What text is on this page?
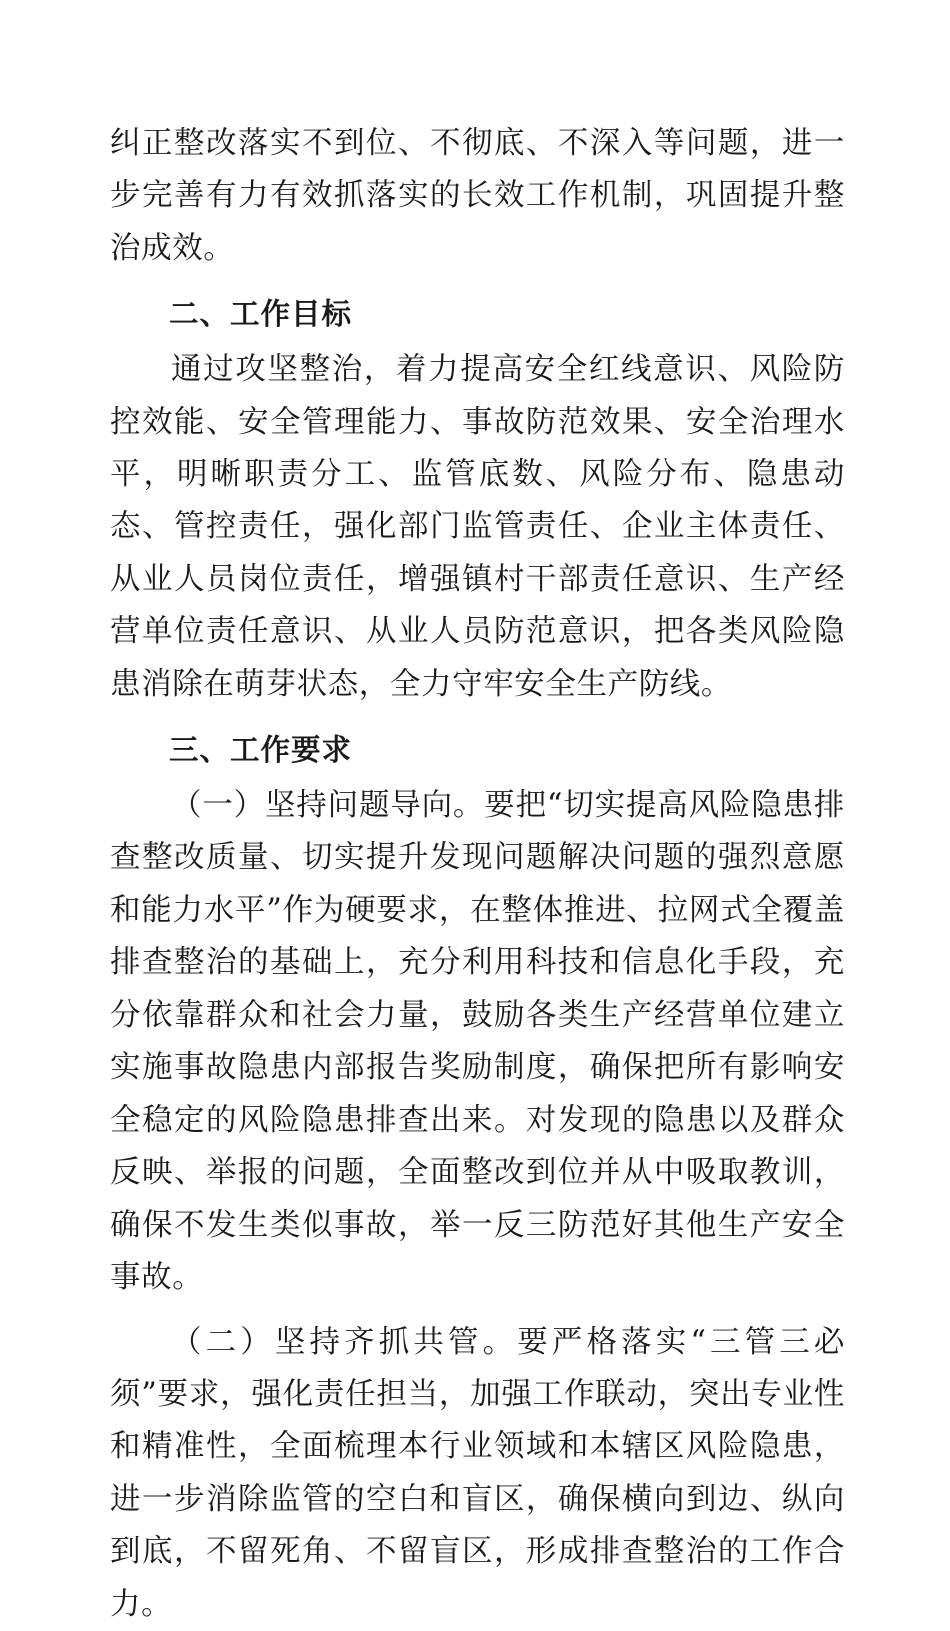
纠正整改落实不到位、不彻底、不深入等问题，进一步完善有力有效抓落实的长效工作机制，巩固提升整治成效。

二、工作目标

通过攻坚整治，着力提高安全红线意识、风险防控效能、安全管理能力、事故防范效果、安全治理水平，明晰职责分工、监管底数、风险分布、隐患动态、管控责任，强化部门监管责任、企业主体责任、从业人员岗位责任，增强镇村干部责任意识、生产经营单位责任意识、从业人员防范意识，把各类风险隐患消除在萌芽状态，全力守牢安全生产防线。

三、工作要求

（一）坚持问题导向。要把“切实提高风险隐患排查整改质量、切实提升发现问题解决问题的强烈意愿和能力水平”作为硬要求，在整体推进、拉网式全覆盖排查整治的基础上，充分利用科技和信息化手段，充分依靠群众和社会力量，鼓励各类生产经营单位建立实施事故隐患内部报告奖励制度，确保把所有影响安全稳定的风险隐患排查出来。对发现的隐患以及群众反映、举报的问题，全面整改到位并从中吸取教训，确保不发生类似事故，举一反三防范好其他生产安全事故。

（二）坚持齐抓共管。要严格落实“三管三必须”要求，强化责任担当，加强工作联动，突出专业性和精准性，全面梳理本行业领域和本辖区风险隐患，进一步消除监管的空白和盲区，确保横向到边、纵向到底，不留死角、不留盲区，形成排查整治的工作合力。
